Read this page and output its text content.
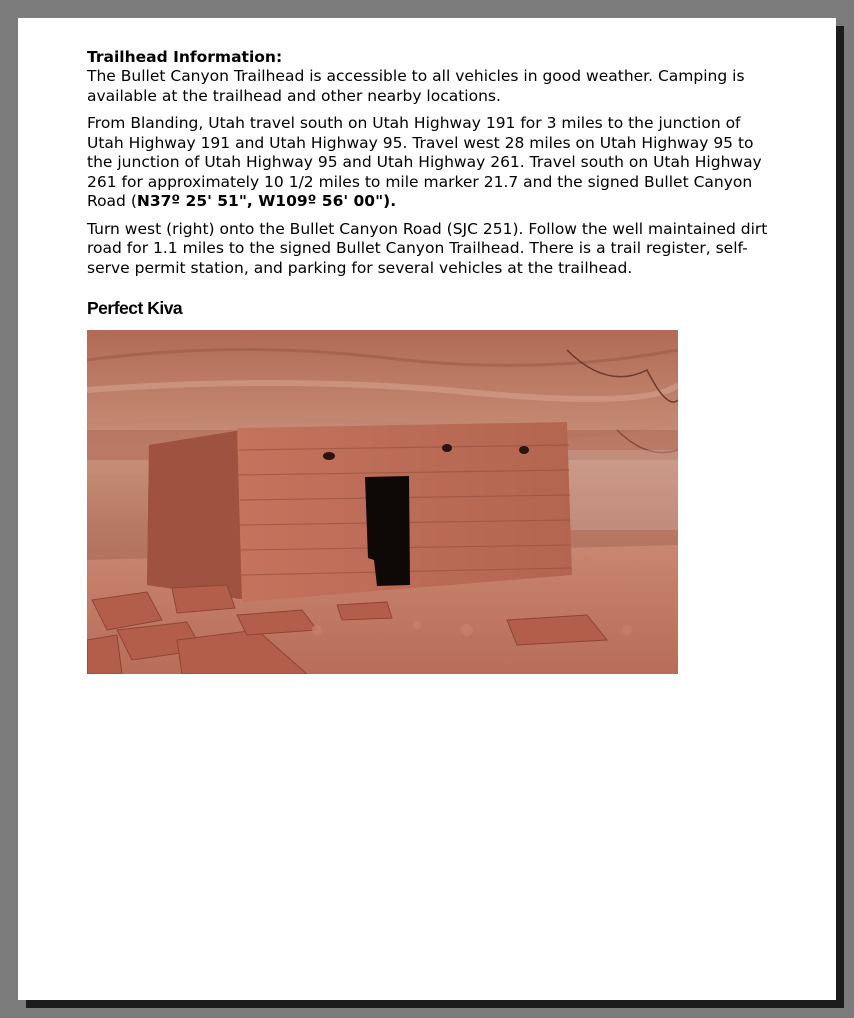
Trailhead Information:

The Bullet Canyon Trailhead is accessible to all vehicles in good weather. Camping is available at the trailhead and other nearby locations.

From Blanding, Utah travel south on Utah Highway 191 for 3 miles to the junction of Utah Highway 191 and Utah Highway 95. Travel west 28 miles on Utah Highway 95 to the junction of Utah Highway 95 and Utah Highway 261. Travel south on Utah Highway 261 for approximately 10 1/2 miles to mile marker 21.7 and the signed Bullet Canyon Road (N37º 25' 51", W109º 56' 00").

Turn west (right) onto the Bullet Canyon Road (SJC 251). Follow the well maintained dirt road for 1.1 miles to the signed Bullet Canyon Trailhead. There is a trail register, self-serve permit station, and parking for several vehicles at the trailhead.

Perfect Kiva
